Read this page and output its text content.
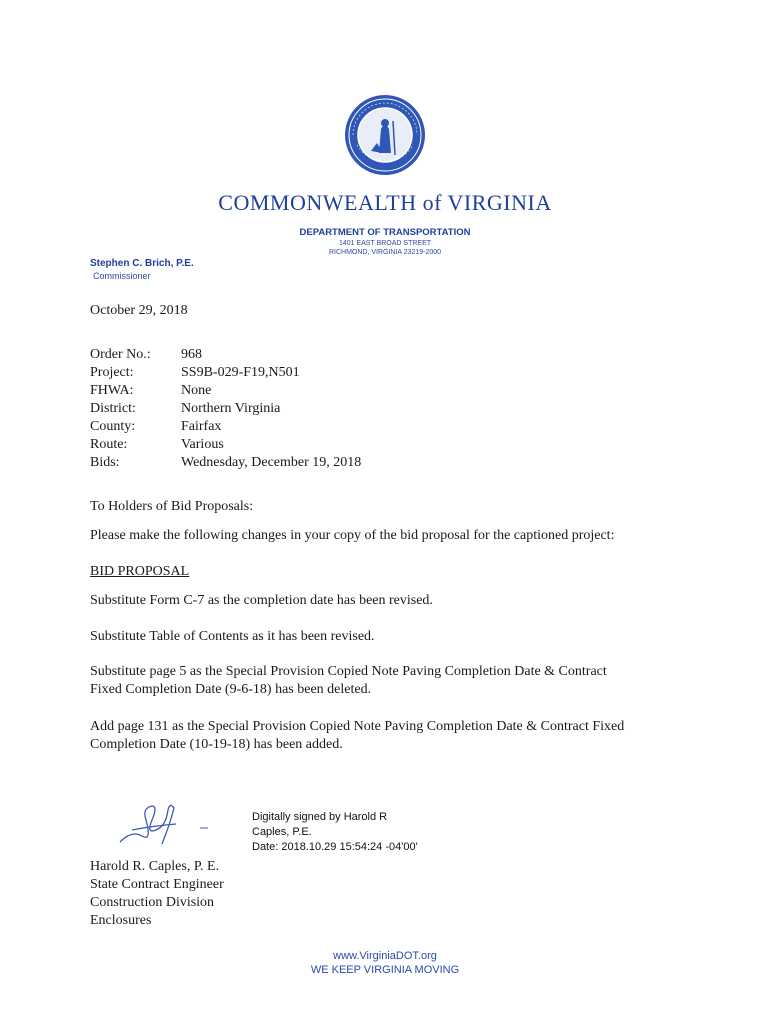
COMMONWEALTH of VIRGINIA
DEPARTMENT OF TRANSPORTATION
1401 EAST BROAD STREET
RICHMOND, VIRGINIA 23219-2000
Stephen C. Brich, P.E.
Commissioner
October 29, 2018
Order No.:	968
Project:	SS9B-029-F19,N501
FHWA:	None
District:	Northern Virginia
County:	Fairfax
Route:	Various
Bids:	Wednesday, December 19, 2018
To Holders of Bid Proposals:
Please make the following changes in your copy of the bid proposal for the captioned project:
BID PROPOSAL
Substitute Form C-7 as the completion date has been revised.
Substitute Table of Contents as it has been revised.
Substitute page 5 as the Special Provision Copied Note Paving Completion Date & Contract
Fixed Completion Date (9-6-18) has been deleted.
Add page 131 as the Special Provision Copied Note Paving Completion Date & Contract Fixed
Completion Date (10-19-18) has been added.
Digitally signed by Harold R
Caples, P.E.
Date: 2018.10.29 15:54:24 -04'00'
Harold R. Caples, P. E.
State Contract Engineer
Construction Division
Enclosures
www.VirginiaDOT.org
WE KEEP VIRGINIA MOVING
